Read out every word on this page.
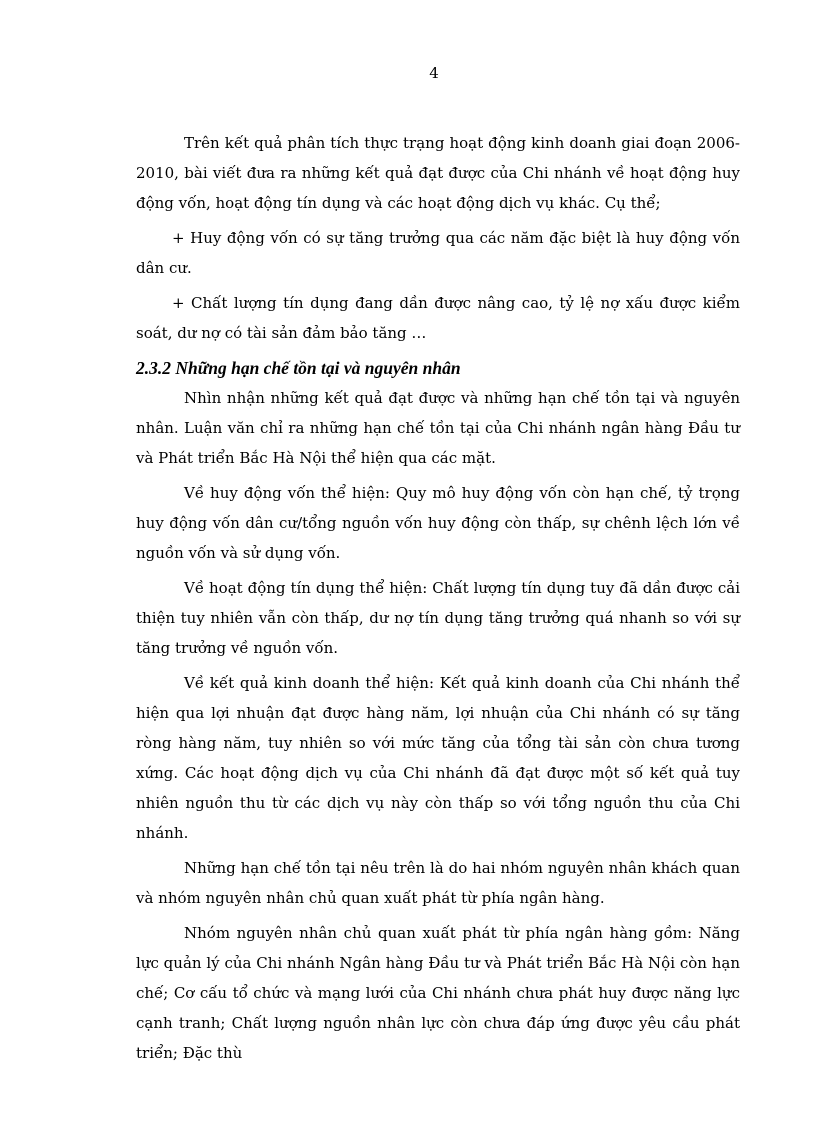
4

Trên kết quả phân tích thực trạng hoạt động kinh doanh giai đoạn 2006-2010, bài viết đưa ra những kết quả đạt được của Chi nhánh về hoạt động huy động vốn, hoạt động tín dụng và các hoạt động dịch vụ khác. Cụ thể;

+ Huy động vốn có sự tăng trưởng qua các năm đặc biệt là huy động vốn dân cư.

+ Chất lượng tín dụng đang dần được nâng cao, tỷ lệ nợ xấu được kiểm soát, dư nợ có tài sản đảm bảo tăng …

2.3.2 Những hạn chế tồn tại và nguyên nhân

Nhìn nhận những kết quả đạt được và những hạn chế tồn tại và nguyên nhân. Luận văn chỉ ra những hạn chế tồn tại của Chi nhánh ngân hàng Đầu tư và Phát triển Bắc Hà Nội thể hiện qua các mặt.

Về huy động vốn thể hiện: Quy mô huy động vốn còn hạn chế, tỷ trọng huy động vốn dân cư/tổng nguồn vốn huy động còn thấp, sự chênh lệch lớn về nguồn vốn và sử dụng vốn.

Về hoạt động tín dụng thể hiện: Chất lượng tín dụng tuy đã dần được cải thiện tuy nhiên vẫn còn thấp, dư nợ tín dụng tăng trưởng quá nhanh so với sự tăng trưởng về nguồn vốn.

Về kết quả kinh doanh thể hiện: Kết quả kinh doanh của Chi nhánh thể hiện qua lợi nhuận đạt được hàng năm, lợi nhuận của Chi nhánh có sự tăng ròng hàng năm, tuy nhiên so với mức tăng của tổng tài sản còn chưa tương xứng. Các hoạt động dịch vụ của Chi nhánh đã đạt được một số kết quả tuy nhiên nguồn thu từ các dịch vụ này còn thấp so với tổng nguồn thu của Chi nhánh.

Những hạn chế tồn tại nêu trên là do hai nhóm nguyên nhân khách quan và nhóm nguyên nhân chủ quan xuất phát từ phía ngân hàng.

Nhóm nguyên nhân chủ quan xuất phát từ phía ngân hàng gồm: Năng lực quản lý của Chi nhánh Ngân hàng Đầu tư và Phát triển Bắc Hà Nội còn hạn chế; Cơ cấu tổ chức và mạng lưới của Chi nhánh chưa phát huy được năng lực cạnh tranh; Chất lượng nguồn nhân lực còn chưa đáp ứng được yêu cầu phát triển; Đặc thù
